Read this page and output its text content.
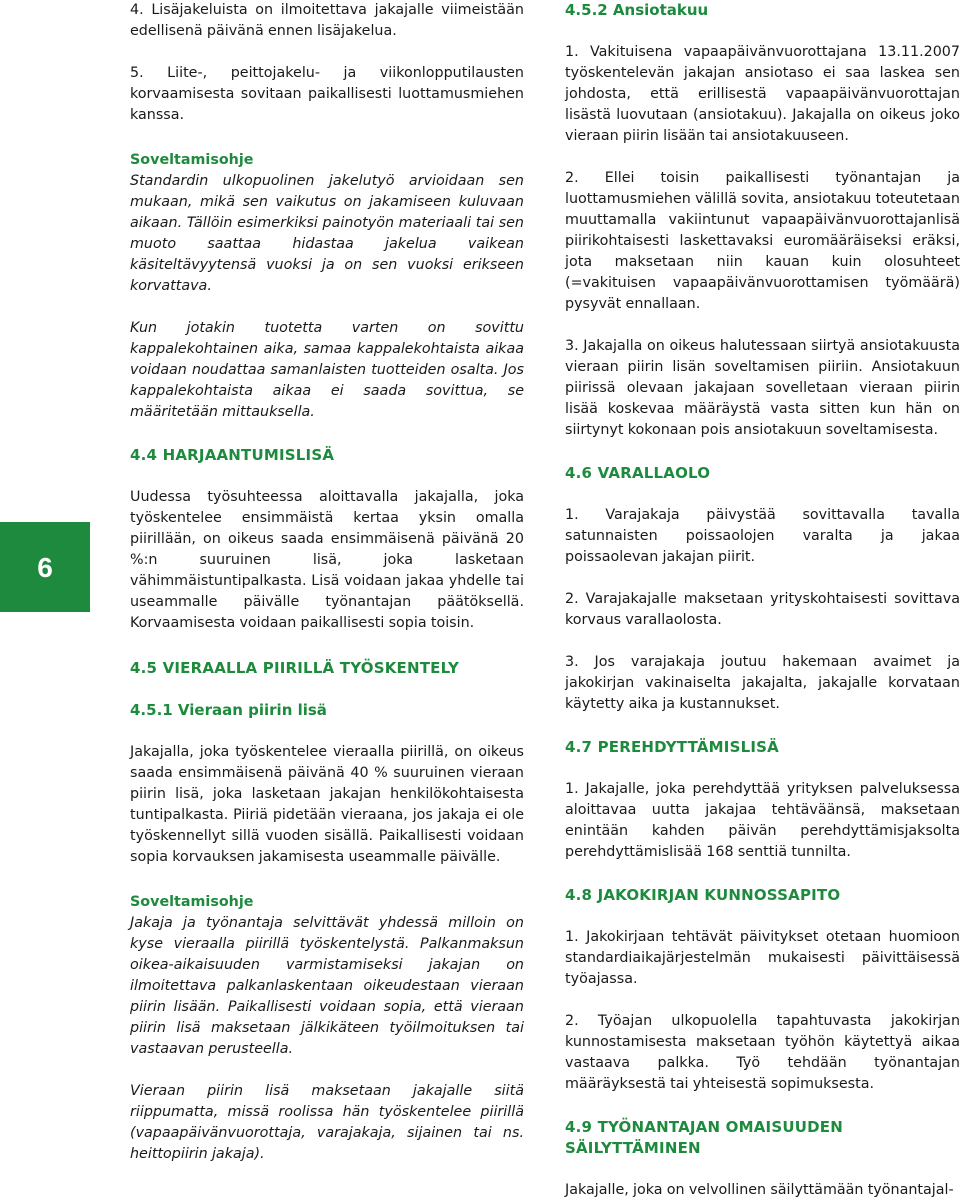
6

4. Lisäjakeluista on ilmoitettava jakajalle viimeistään edellisenä päivänä ennen lisäjakelua.

5. Liite-, peittojakelu- ja viikonlopputilausten korvaamisesta sovitaan paikallisesti luottamusmiehen kanssa.

Soveltamisohje
Standardin ulkopuolinen jakelutyö arvioidaan sen mukaan, mikä sen vaikutus on jakamiseen kuluvaan aikaan. Tällöin esimerkiksi painotyön materiaali tai sen muoto saattaa hidastaa jakelua vaikean käsiteltävyytensä vuoksi ja on sen vuoksi erikseen korvattava.

Kun jotakin tuotetta varten on sovittu kappalekohtainen aika, samaa kappalekohtaista aikaa voidaan noudattaa samanlaisten tuotteiden osalta. Jos kappalekohtaista aikaa ei saada sovittua, se määritetään mittauksella.

4.4 HARJAANTUMISLISÄ

Uudessa työsuhteessa aloittavalla jakajalla, joka työskentelee ensimmäistä kertaa yksin omalla piirillään, on oikeus saada ensimmäisenä päivänä 20 %:n suuruinen lisä, joka lasketaan vähimmäistuntipalkasta. Lisä voidaan jakaa yhdelle tai useammalle päivälle työnantajan päätöksellä. Korvaamisesta voidaan paikallisesti sopia toisin.

4.5 VIERAALLA PIIRILLÄ TYÖSKENTELY
4.5.1 Vieraan piirin lisä

Jakajalla, joka työskentelee vieraalla piirillä, on oikeus saada ensimmäisenä päivänä 40 % suuruinen vieraan piirin lisä, joka lasketaan jakajan henkilökohtaisesta tuntipalkasta. Piiriä pidetään vieraana, jos jakaja ei ole työskennellyt sillä vuoden sisällä. Paikallisesti voidaan sopia korvauksen jakamisesta useammalle päivälle.

Soveltamisohje
Jakaja ja työnantaja selvittävät yhdessä milloin on kyse vieraalla piirillä työskentelystä. Palkanmaksun oikea-aikaisuuden varmistamiseksi jakajan on ilmoitettava palkanlaskentaan oikeudestaan vieraan piirin lisään. Paikallisesti voidaan sopia, että vieraan piirin lisä maksetaan jälkikäteen työilmoituksen tai vastaavan perusteella.

Vieraan piirin lisä maksetaan jakajalle siitä riippumatta, missä roolissa hän työskentelee piirillä (vapaapäivänvuorottaja, varajakaja, sijainen tai ns. heittopiirin jakaja).

4.5.2 Ansiotakuu

1. Vakituisena vapaapäivänvuorottajana 13.11.2007 työskentelevän jakajan ansiotaso ei saa laskea sen johdosta, että erillisestä vapaapäivänvuorottajan lisästä luovutaan (ansiotakuu). Jakajalla on oikeus joko vieraan piirin lisään tai ansiotakuuseen.

2. Ellei toisin paikallisesti työnantajan ja luottamusmiehen välillä sovita, ansiotakuu toteutetaan muuttamalla vakiintunut vapaapäivänvuorottajanlisä piirikohtaisesti laskettavaksi euromääräiseksi eräksi, jota maksetaan niin kauan kuin olosuhteet (=vakituisen vapaapäivänvuorottamisen työmäärä) pysyvät ennallaan.

3. Jakajalla on oikeus halutessaan siirtyä ansiotakuusta vieraan piirin lisän soveltamisen piiriin. Ansiotakuun piirissä olevaan jakajaan sovelletaan vieraan piirin lisää koskevaa määräystä vasta sitten kun hän on siirtynyt kokonaan pois ansiotakuun soveltamisesta.

4.6 VARALLAOLO

1. Varajakaja päivystää sovittavalla tavalla satunnaisten poissaolojen varalta ja jakaa poissaolevan jakajan piirit.

2. Varajakajalle maksetaan yrityskohtaisesti sovittava korvaus varallaolosta.

3. Jos varajakaja joutuu hakemaan avaimet ja jakokirjan vakinaiselta jakajalta, jakajalle korvataan käytetty aika ja kustannukset.

4.7 PEREHDYTTÄMISLISÄ

1. Jakajalle, joka perehdyttää yrityksen palveluksessa aloittavaa uutta jakajaa tehtäväänsä, maksetaan enintään kahden päivän perehdyttämisjaksolta perehdyttämislisää 168 senttiä tunnilta.

4.8 JAKOKIRJAN KUNNOSSAPITO

1. Jakokirjaan tehtävät päivitykset otetaan huomioon standardiaikajärjestelmän mukaisesti päivittäisessä työajassa.

2. Työajan ulkopuolella tapahtuvasta jakokirjan kunnostamisesta maksetaan työhön käytettyä aikaa vastaava palkka. Työ tehdään työnantajan määräyksestä tai yhteisestä sopimuksesta.

4.9 TYÖNANTAJAN OMAISUUDEN SÄILYTTÄMINEN

Jakajalle, joka on velvollinen säilyttämään työnantajal-
